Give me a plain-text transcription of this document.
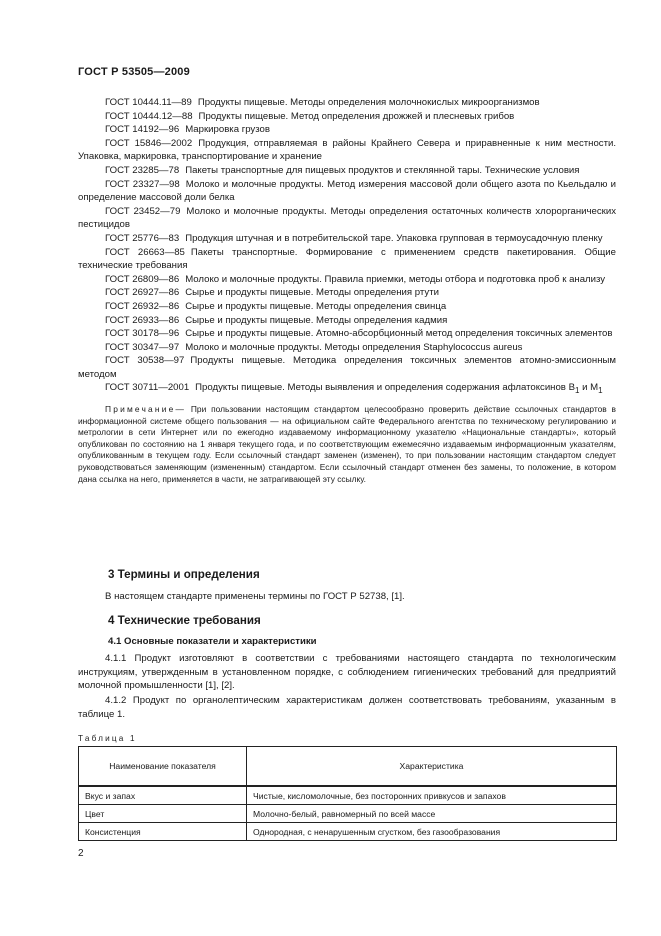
ГОСТ Р 53505—2009

ГОСТ 10444.11—89 Продукты пищевые. Методы определения молочнокислых микроорганизмов

ГОСТ 10444.12—88 Продукты пищевые. Метод определения дрожжей и плесневых грибов

ГОСТ 14192—96 Маркировка грузов

ГОСТ 15846—2002 Продукция, отправляемая в районы Крайнего Севера и приравненные к ним местности. Упаковка, маркировка, транспортирование и хранение

ГОСТ 23285—78 Пакеты транспортные для пищевых продуктов и стеклянной тары. Технические условия

ГОСТ 23327—98 Молоко и молочные продукты. Метод измерения массовой доли общего азота по Кьельдалю и определение массовой доли белка

ГОСТ 23452—79 Молоко и молочные продукты. Методы определения остаточных количеств хлорорганических пестицидов

ГОСТ 25776—83 Продукция штучная и в потребительской таре. Упаковка групповая в термоусадочную пленку

ГОСТ 26663—85 Пакеты транспортные. Формирование с применением средств пакетирования. Общие технические требования

ГОСТ 26809—86 Молоко и молочные продукты. Правила приемки, методы отбора и подготовка проб к анализу

ГОСТ 26927—86 Сырье и продукты пищевые. Методы определения ртути

ГОСТ 26932—86 Сырье и продукты пищевые. Методы определения свинца

ГОСТ 26933—86 Сырье и продукты пищевые. Методы определения кадмия

ГОСТ 30178—96 Сырье и продукты пищевые. Атомно-абсорбционный метод определения токсичных элементов

ГОСТ 30347—97 Молоко и молочные продукты. Методы определения Staphylococcus aureus

ГОСТ 30538—97 Продукты пищевые. Методика определения токсичных элементов атомно-эмиссионным методом

ГОСТ 30711—2001 Продукты пищевые. Методы выявления и определения содержания афлатоксинов $B_1$ и $M_1$

Примечание— При пользовании настоящим стандартом целесообразно проверить действие ссылочных стандартов в информационной системе общего пользования — на официальном сайте Федерального агентства по техническому регулированию и метрологии в сети Интернет или по ежегодно издаваемому информационному указателю «Национальные стандарты», который опубликован по состоянию на 1 января текущего года, и по соответствующим ежемесячно издаваемым информационным указателям, опубликованным в текущем году. Если ссылочный стандарт заменен (изменен), то при пользовании настоящим стандартом следует руководствоваться заменяющим (измененным) стандартом. Если ссылочный стандарт отменен без замены, то положение, в котором дана ссылка на него, применяется в части, не затрагивающей эту ссылку.
3 Термины и определения
В настоящем стандарте применены термины по ГОСТ Р 52738, [1].
4 Технические требования
4.1 Основные показатели и характеристики

4.1.1 Продукт изготовляют в соответствии с требованиями настоящего стандарта по технологическим инструкциям, утвержденным в установленном порядке, с соблюдением гигиенических требований для предприятий молочной промышленности [1], [2].

4.1.2 Продукт по органолептическим характеристикам должен соответствовать требованиям, указанным в таблице 1.

Таблица 1
Наименование показателя	Характеристика
Вкус и запах	Чистые, кисломолочные, без посторонних привкусов и запахов
Цвет	Молочно-белый, равномерный по всей массе
Консистенция	Однородная, с ненарушенным сгустком, без газообразования
2
